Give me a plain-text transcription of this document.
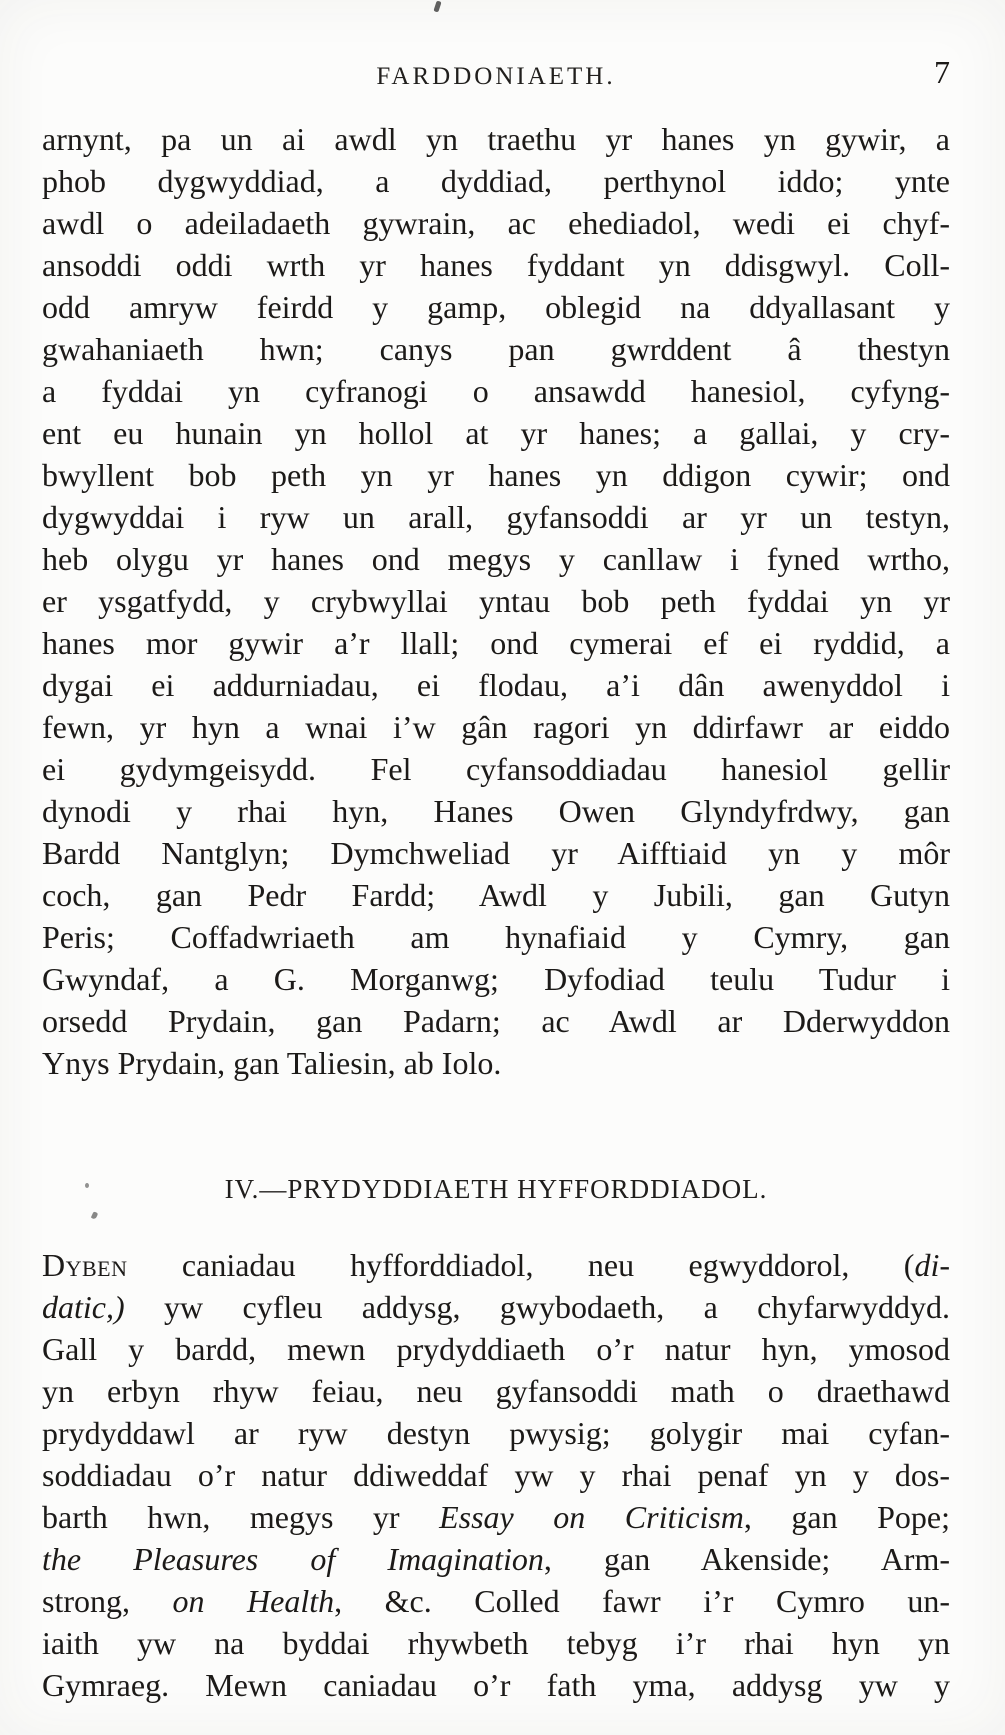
FARDDONIAETH.	7
arnynt, pa un ai awdl yn traethu yr hanes yn gywir, a
phob dygwyddiad, a dyddiad, perthynol iddo; ynte
awdl o adeiladaeth gywrain, ac ehediadol, wedi ei chyf-
ansoddi oddi wrth yr hanes fyddant yn ddisgwyl. Coll-
odd amryw feirdd y gamp, oblegid na ddyallasant y
gwahaniaeth hwn; canys pan gwrddent â thestyn
a fyddai yn cyfranogi o ansawdd hanesiol, cyfyng-
ent eu hunain yn hollol at yr hanes; a gallai, y cry-
bwyllent bob peth yn yr hanes yn ddigon cywir; ond
dygwyddai i ryw un arall, gyfansoddi ar yr un testyn,
heb olygu yr hanes ond megys y canllaw i fyned wrtho,
er ysgatfydd, y crybwyllai yntau bob peth fyddai yn yr
hanes mor gywir a’r llall; ond cymerai ef ei ryddid, a
dygai ei addurniadau, ei flodau, a’i dân awenyddol i
fewn, yr hyn a wnai i’w gân ragori yn ddirfawr ar eiddo
ei gydymgeisydd. Fel cyfansoddiadau hanesiol gellir
dynodi y rhai hyn, Hanes Owen Glyndyfrdwy, gan
Bardd Nantglyn; Dymchweliad yr Aifftiaid yn y môr
coch, gan Pedr Fardd; Awdl y Jubili, gan Gutyn
Peris; Coffadwriaeth am hynafiaid y Cymry, gan
Gwyndaf, a G. Morganwg; Dyfodiad teulu Tudur i
orsedd Prydain, gan Padarn; ac Awdl ar Dderwyddon
Ynys Prydain, gan Taliesin, ab Iolo.
IV.—PRYDYDDIAETH HYFFORDDIADOL.
Dyben caniadau hyfforddiadol, neu egwyddorol, (di-
datic,) yw cyfleu addysg, gwybodaeth, a chyfarwyddyd.
Gall y bardd, mewn prydyddiaeth o’r natur hyn, ymosod
yn erbyn rhyw feiau, neu gyfansoddi math o draethawd
prydyddawl ar ryw destyn pwysig; golygir mai cyfan-
soddiadau o’r natur ddiweddaf yw y rhai penaf yn y dos-
barth hwn, megys yr Essay on Criticism, gan Pope;
the Pleasures of Imagination, gan Akenside; Arm-
strong, on Health, &c. Colled fawr i’r Cymro un-
iaith yw na byddai rhywbeth tebyg i’r rhai hyn yn
Gymraeg. Mewn caniadau o’r fath yma, addysg yw y
